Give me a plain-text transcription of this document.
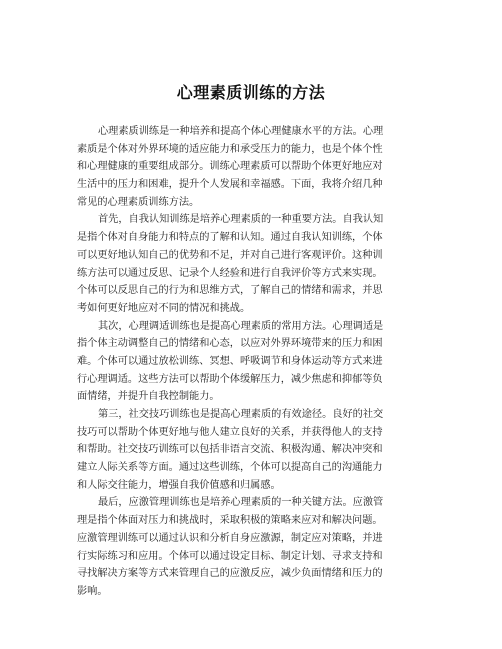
心理素质训练的方法
心理素质训练是一种培养和提高个体心理健康水平的方法。心理
素质是个体对外界环境的适应能力和承受压力的能力，也是个体个性
和心理健康的重要组成部分。训练心理素质可以帮助个体更好地应对
生活中的压力和困难，提升个人发展和幸福感。下面，我将介绍几种
常见的心理素质训练方法。
首先，自我认知训练是培养心理素质的一种重要方法。自我认知
是指个体对自身能力和特点的了解和认知。通过自我认知训练，个体
可以更好地认知自己的优势和不足，并对自己进行客观评价。这种训
练方法可以通过反思、记录个人经验和进行自我评价等方式来实现。
个体可以反思自己的行为和思维方式，了解自己的情绪和需求，并思
考如何更好地应对不同的情况和挑战。
其次，心理调适训练也是提高心理素质的常用方法。心理调适是
指个体主动调整自己的情绪和心态，以应对外界环境带来的压力和困
难。个体可以通过放松训练、冥想、呼吸调节和身体运动等方式来进
行心理调适。这些方法可以帮助个体缓解压力，减少焦虑和抑郁等负
面情绪，并提升自我控制能力。
第三，社交技巧训练也是提高心理素质的有效途径。良好的社交
技巧可以帮助个体更好地与他人建立良好的关系，并获得他人的支持
和帮助。社交技巧训练可以包括非语言交流、积极沟通、解决冲突和
建立人际关系等方面。通过这些训练，个体可以提高自己的沟通能力
和人际交往能力，增强自我价值感和归属感。
最后，应激管理训练也是培养心理素质的一种关键方法。应激管
理是指个体面对压力和挑战时，采取积极的策略来应对和解决问题。
应激管理训练可以通过认识和分析自身应激源，制定应对策略，并进
行实际练习和应用。个体可以通过设定目标、制定计划、寻求支持和
寻找解决方案等方式来管理自己的应激反应，减少负面情绪和压力的
影响。
